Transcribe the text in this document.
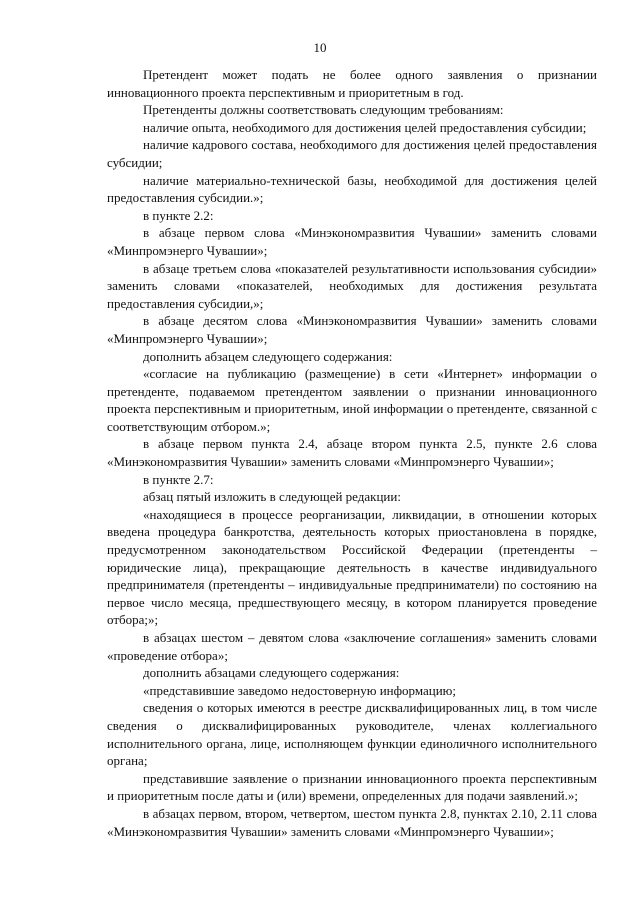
10

Претендент может подать не более одного заявления о признании инновационного проекта перспективным и приоритетным в год.

Претенденты должны соответствовать следующим требованиям:

наличие опыта, необходимого для достижения целей предоставления субсидии;

наличие кадрового состава, необходимого для достижения целей предоставления субсидии;

наличие материально-технической базы, необходимой для достижения целей предоставления субсидии.»;

в пункте 2.2:

в абзаце первом слова «Минэкономразвития Чувашии» заменить словами «Минпромэнерго Чувашии»;

в абзаце третьем слова «показателей результативности использования субсидии» заменить словами «показателей, необходимых для достижения результата предоставления субсидии,»;

в абзаце десятом слова «Минэкономразвития Чувашии» заменить словами «Минпромэнерго Чувашии»;

дополнить абзацем следующего содержания:

«согласие на публикацию (размещение) в сети «Интернет» информации о претенденте, подаваемом претендентом заявлении о признании инновационного проекта перспективным и приоритетным, иной информации о претенденте, связанной с соответствующим отбором.»;

в абзаце первом пункта 2.4, абзаце втором пункта 2.5, пункте 2.6 слова «Минэкономразвития Чувашии» заменить словами «Минпромэнерго Чувашии»;

в пункте 2.7:

абзац пятый изложить в следующей редакции:

«находящиеся в процессе реорганизации, ликвидации, в отношении которых введена процедура банкротства, деятельность которых приостановлена в порядке, предусмотренном законодательством Российской Федерации (претенденты – юридические лица), прекращающие деятельность в качестве индивидуального предпринимателя (претенденты – индивидуальные предприниматели) по состоянию на первое число месяца, предшествующего месяцу, в котором планируется проведение отбора;»;

в абзацах шестом – девятом слова «заключение соглашения» заменить словами «проведение отбора»;

дополнить абзацами следующего содержания:

«представившие заведомо недостоверную информацию;

сведения о которых имеются в реестре дисквалифицированных лиц, в том числе сведения о дисквалифицированных руководителе, членах коллегиального исполнительного органа, лице, исполняющем функции единоличного исполнительного органа;

представившие заявление о признании инновационного проекта перспективным и приоритетным после даты и (или) времени, определенных для подачи заявлений.»;

в абзацах первом, втором, четвертом, шестом пункта 2.8, пунктах 2.10, 2.11 слова «Минэкономразвития Чувашии» заменить словами «Минпромэнерго Чувашии»;
